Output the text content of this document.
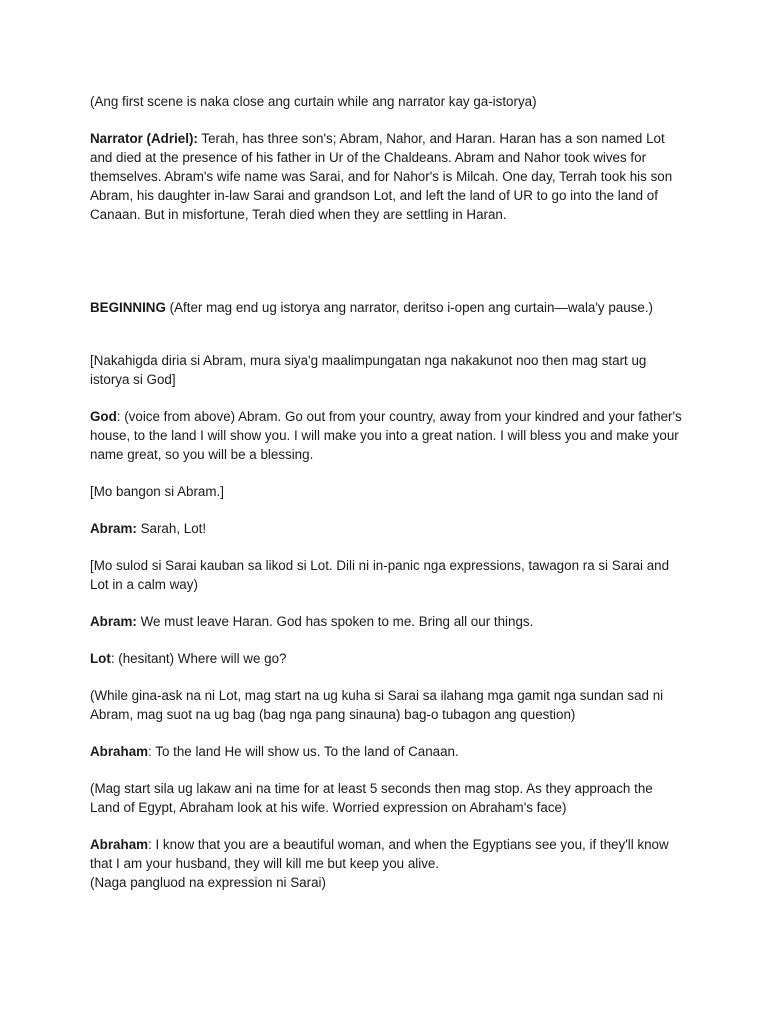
(Ang first scene is naka close ang curtain while ang narrator kay ga-istorya)

Narrator (Adriel): Terah, has three son's; Abram, Nahor, and Haran. Haran has a son named Lot and died at the presence of his father in Ur of the Chaldeans. Abram and Nahor took wives for themselves. Abram's wife name was Sarai, and for Nahor's is Milcah. One day, Terrah took his son Abram, his daughter in-law Sarai and grandson Lot, and left the land of UR to go into the land of Canaan. But in misfortune, Terah died when they are settling in Haran.

BEGINNING (After mag end ug istorya ang narrator, deritso i-open ang curtain—wala'y pause.)

[Nakahigda diria si Abram, mura siya'g maalimpungatan nga nakakunot noo then mag start ug istorya si God]

God: (voice from above) Abram. Go out from your country, away from your kindred and your father's house, to the land I will show you. I will make you into a great nation. I will bless you and make your name great, so you will be a blessing.

[Mo bangon si Abram.]

Abram: Sarah, Lot!

[Mo sulod si Sarai kauban sa likod si Lot. Dili ni in-panic nga expressions, tawagon ra si Sarai and Lot in a calm way)

Abram: We must leave Haran. God has spoken to me. Bring all our things.

Lot: (hesitant) Where will we go?

(While gina-ask na ni Lot, mag start na ug kuha si Sarai sa ilahang mga gamit nga sundan sad ni Abram, mag suot na ug bag (bag nga pang sinauna) bag-o tubagon ang question)

Abraham: To the land He will show us. To the land of Canaan.

(Mag start sila ug lakaw ani na time for at least 5 seconds then mag stop. As they approach the Land of Egypt, Abraham look at his wife. Worried expression on Abraham's face)

Abraham: I know that you are a beautiful woman, and when the Egyptians see you, if they'll know that I am your husband, they will kill me but keep you alive.

(Naga pangluod na expression ni Sarai)
